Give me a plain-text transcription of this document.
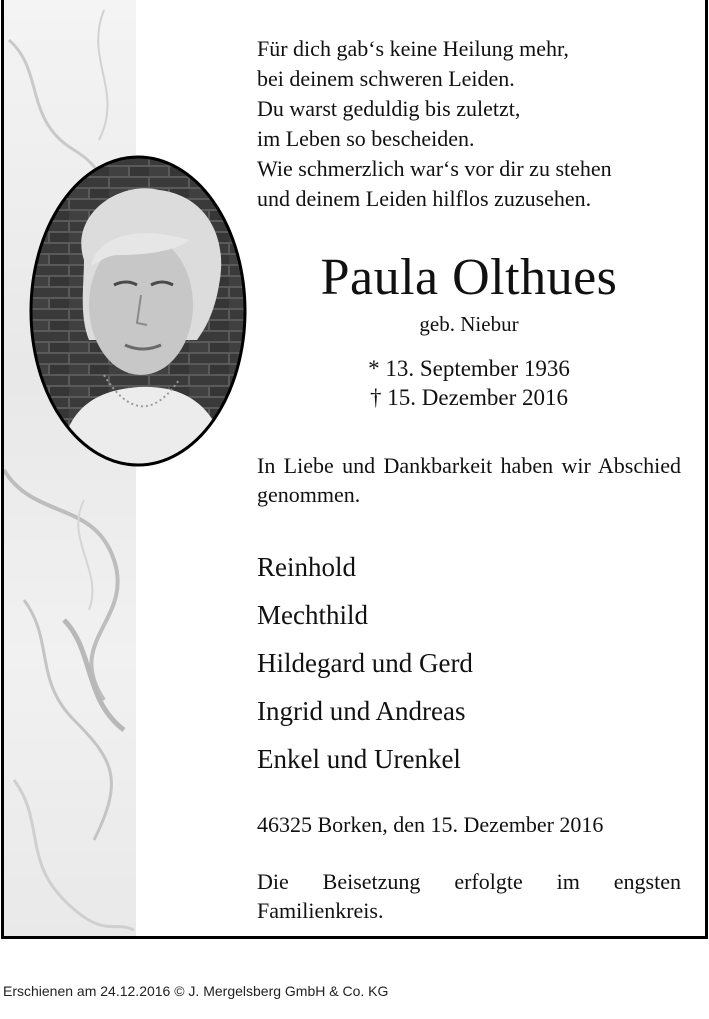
Für dich gab‘s keine Heilung mehr,
bei deinem schweren Leiden.
Du warst geduldig bis zuletzt,
im Leben so bescheiden.
Wie schmerzlich war‘s vor dir zu stehen
und deinem Leiden hilflos zuzusehen.
Paula Olthues
geb. Niebur
* 13. September 1936
† 15. Dezember 2016
In Liebe und Dankbarkeit haben wir Abschied genommen.
Reinhold
Mechthild
Hildegard und Gerd
Ingrid und Andreas
Enkel und Urenkel
46325 Borken, den 15. Dezember 2016
Die Beisetzung erfolgte im engsten Familienkreis.
Erschienen am 24.12.2016 © J. Mergelsberg GmbH & Co. KG
